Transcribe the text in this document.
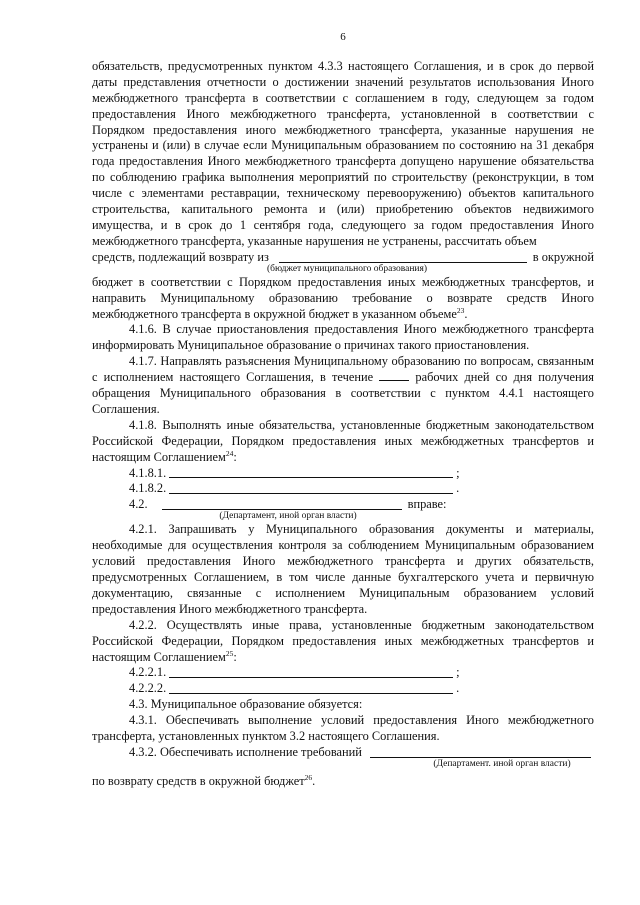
6

обязательств, предусмотренных пунктом 4.3.3 настоящего Соглашения, и в срок до первой даты представления отчетности о достижении значений результатов использования Иного межбюджетного трансферта в соответствии с соглашением в году, следующем за годом предоставления Иного межбюджетного трансферта, установленной в соответствии с Порядком предоставления иного межбюджетного трансферта, указанные нарушения не устранены и (или) в случае если Муниципальным образованием по состоянию на 31 декабря года предоставления Иного межбюджетного трансферта допущено нарушение обязательства по соблюдению графика выполнения мероприятий по строительству (реконструкции, в том числе с элементами реставрации, техническому перевооружению) объектов капитального строительства, капитального ремонта и (или) приобретению объектов недвижимого имущества, и в срок до 1 сентября года, следующего за годом предоставления Иного межбюджетного трансферта, указанные нарушения не устранены, рассчитать объем

средств, подлежащий возврату из	в окружной
(бюджет муниципального образования)

бюджет в соответствии с Порядком предоставления иных межбюджетных трансфертов, и направить Муниципальному образованию требование о возврате средств Иного межбюджетного трансферта в окружной бюджет в указанном объеме$^{23}$.

4.1.6. В случае приостановления предоставления Иного межбюджетного трансферта информировать Муниципальное образование о причинах такого приостановления.

4.1.7. Направлять разъяснения Муниципальному образованию по вопросам, связанным с исполнением настоящего Соглашения, в течение	рабочих дней со дня получения обращения Муниципального образования в соответствии с пунктом 4.4.1 настоящего Соглашения.

4.1.8. Выполнять иные обязательства, установленные бюджетным законодательством Российской Федерации, Порядком предоставления иных межбюджетных трансфертов и настоящим Соглашением$^{24}$:

4.1.8.1.	;
4.1.8.2.	.
4.2.	вправе:
(Департамент, иной орган власти)

4.2.1. Запрашивать у Муниципального образования документы и материалы, необходимые для осуществления контроля за соблюдением Муниципальным образованием условий предоставления Иного межбюджетного трансферта и других обязательств, предусмотренных Соглашением, в том числе данные бухгалтерского учета и первичную документацию, связанные с исполнением Муниципальным образованием условий предоставления Иного межбюджетного трансферта.

4.2.2. Осуществлять иные права, установленные бюджетным законодательством Российской Федерации, Порядком предоставления иных межбюджетных трансфертов и настоящим Соглашением$^{25}$:

4.2.2.1.	;
4.2.2.2.	.

4.3. Муниципальное образование обязуется:

4.3.1. Обеспечивать выполнение условий предоставления Иного межбюджетного трансферта, установленных пунктом 3.2 настоящего Соглашения.

4.3.2. Обеспечивать исполнение требований
(Департамент. иной орган власти)

по возврату средств в окружной бюджет$^{26}$.
